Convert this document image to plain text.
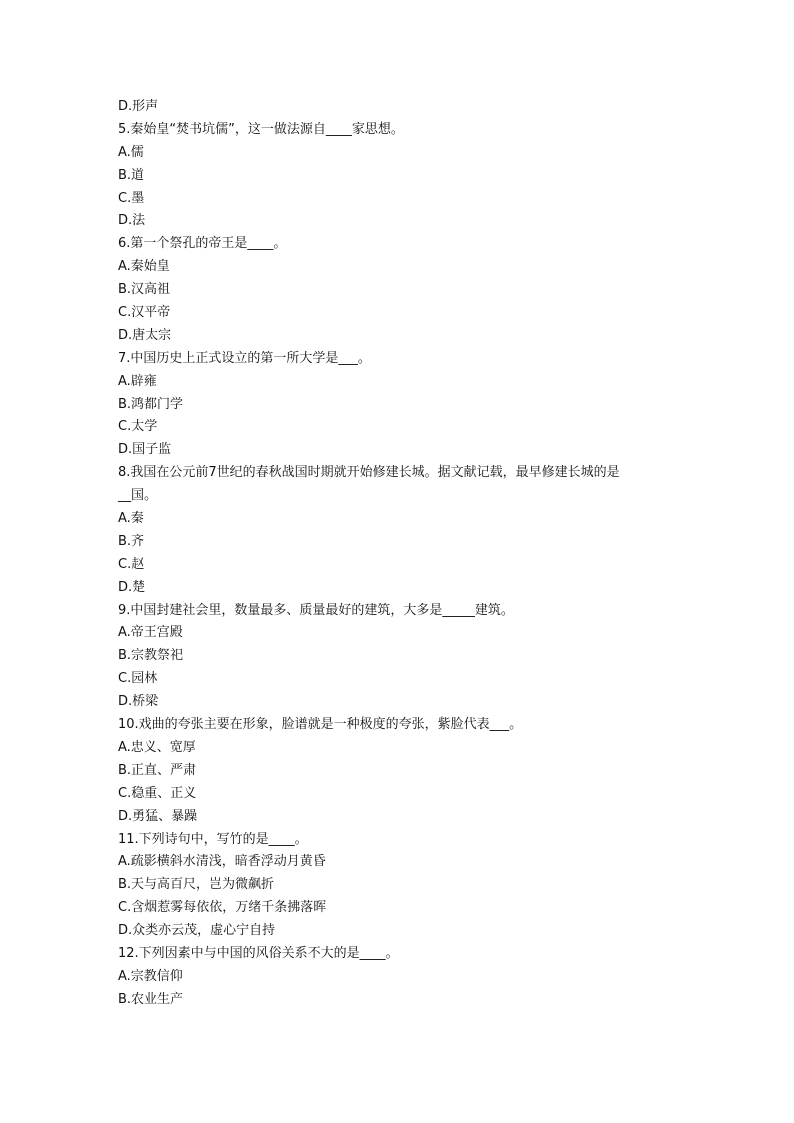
D.形声
5.秦始皇“焚书坑儒”，这一做法源自____家思想。
A.儒
B.道
C.墨
D.法
6.第一个祭孔的帝王是____。
A.秦始皇
B.汉高祖
C.汉平帝
D.唐太宗
7.中国历史上正式设立的第一所大学是___。
A.辟雍
B.鸿都门学
C.太学
D.国子监
8.我国在公元前7世纪的春秋战国时期就开始修建长城。据文献记载，最早修建长城的是
__国。
A.秦
B.齐
C.赵
D.楚
9.中国封建社会里，数量最多、质量最好的建筑，大多是_____建筑。
A.帝王宫殿
B.宗教祭祀
C.园林
D.桥梁
10.戏曲的夸张主要在形象，脸谱就是一种极度的夸张，紫脸代表___。
A.忠义、宽厚
B.正直、严肃
C.稳重、正义
D.勇猛、暴躁
11.下列诗句中，写竹的是____。
A.疏影横斜水清浅，暗香浮动月黄昏
B.天与高百尺，岂为微飙折
C.含烟惹雾每依依，万绪千条拂落晖
D.众类亦云茂，虚心宁自持
12.下列因素中与中国的风俗关系不大的是____。
A.宗教信仰
B.农业生产
